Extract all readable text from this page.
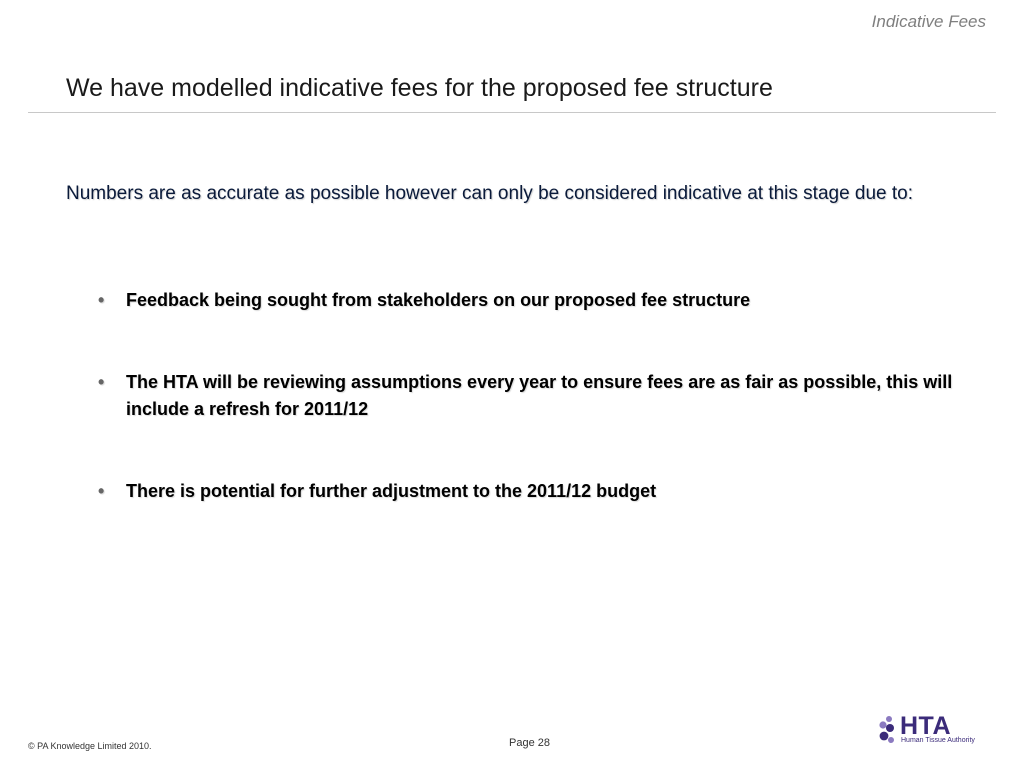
Indicative Fees
We have modelled indicative fees for the proposed fee structure
Numbers are as accurate as possible however can only be considered indicative at this stage due to:
• Feedback being sought from stakeholders on our proposed fee structure
• The HTA will be reviewing assumptions every year to ensure fees are as fair as possible, this will include a refresh for 2011/12
• There is potential for further adjustment to the 2011/12 budget
© PA Knowledge Limited 2010.	Page 28
HTA
Human Tissue Authority
